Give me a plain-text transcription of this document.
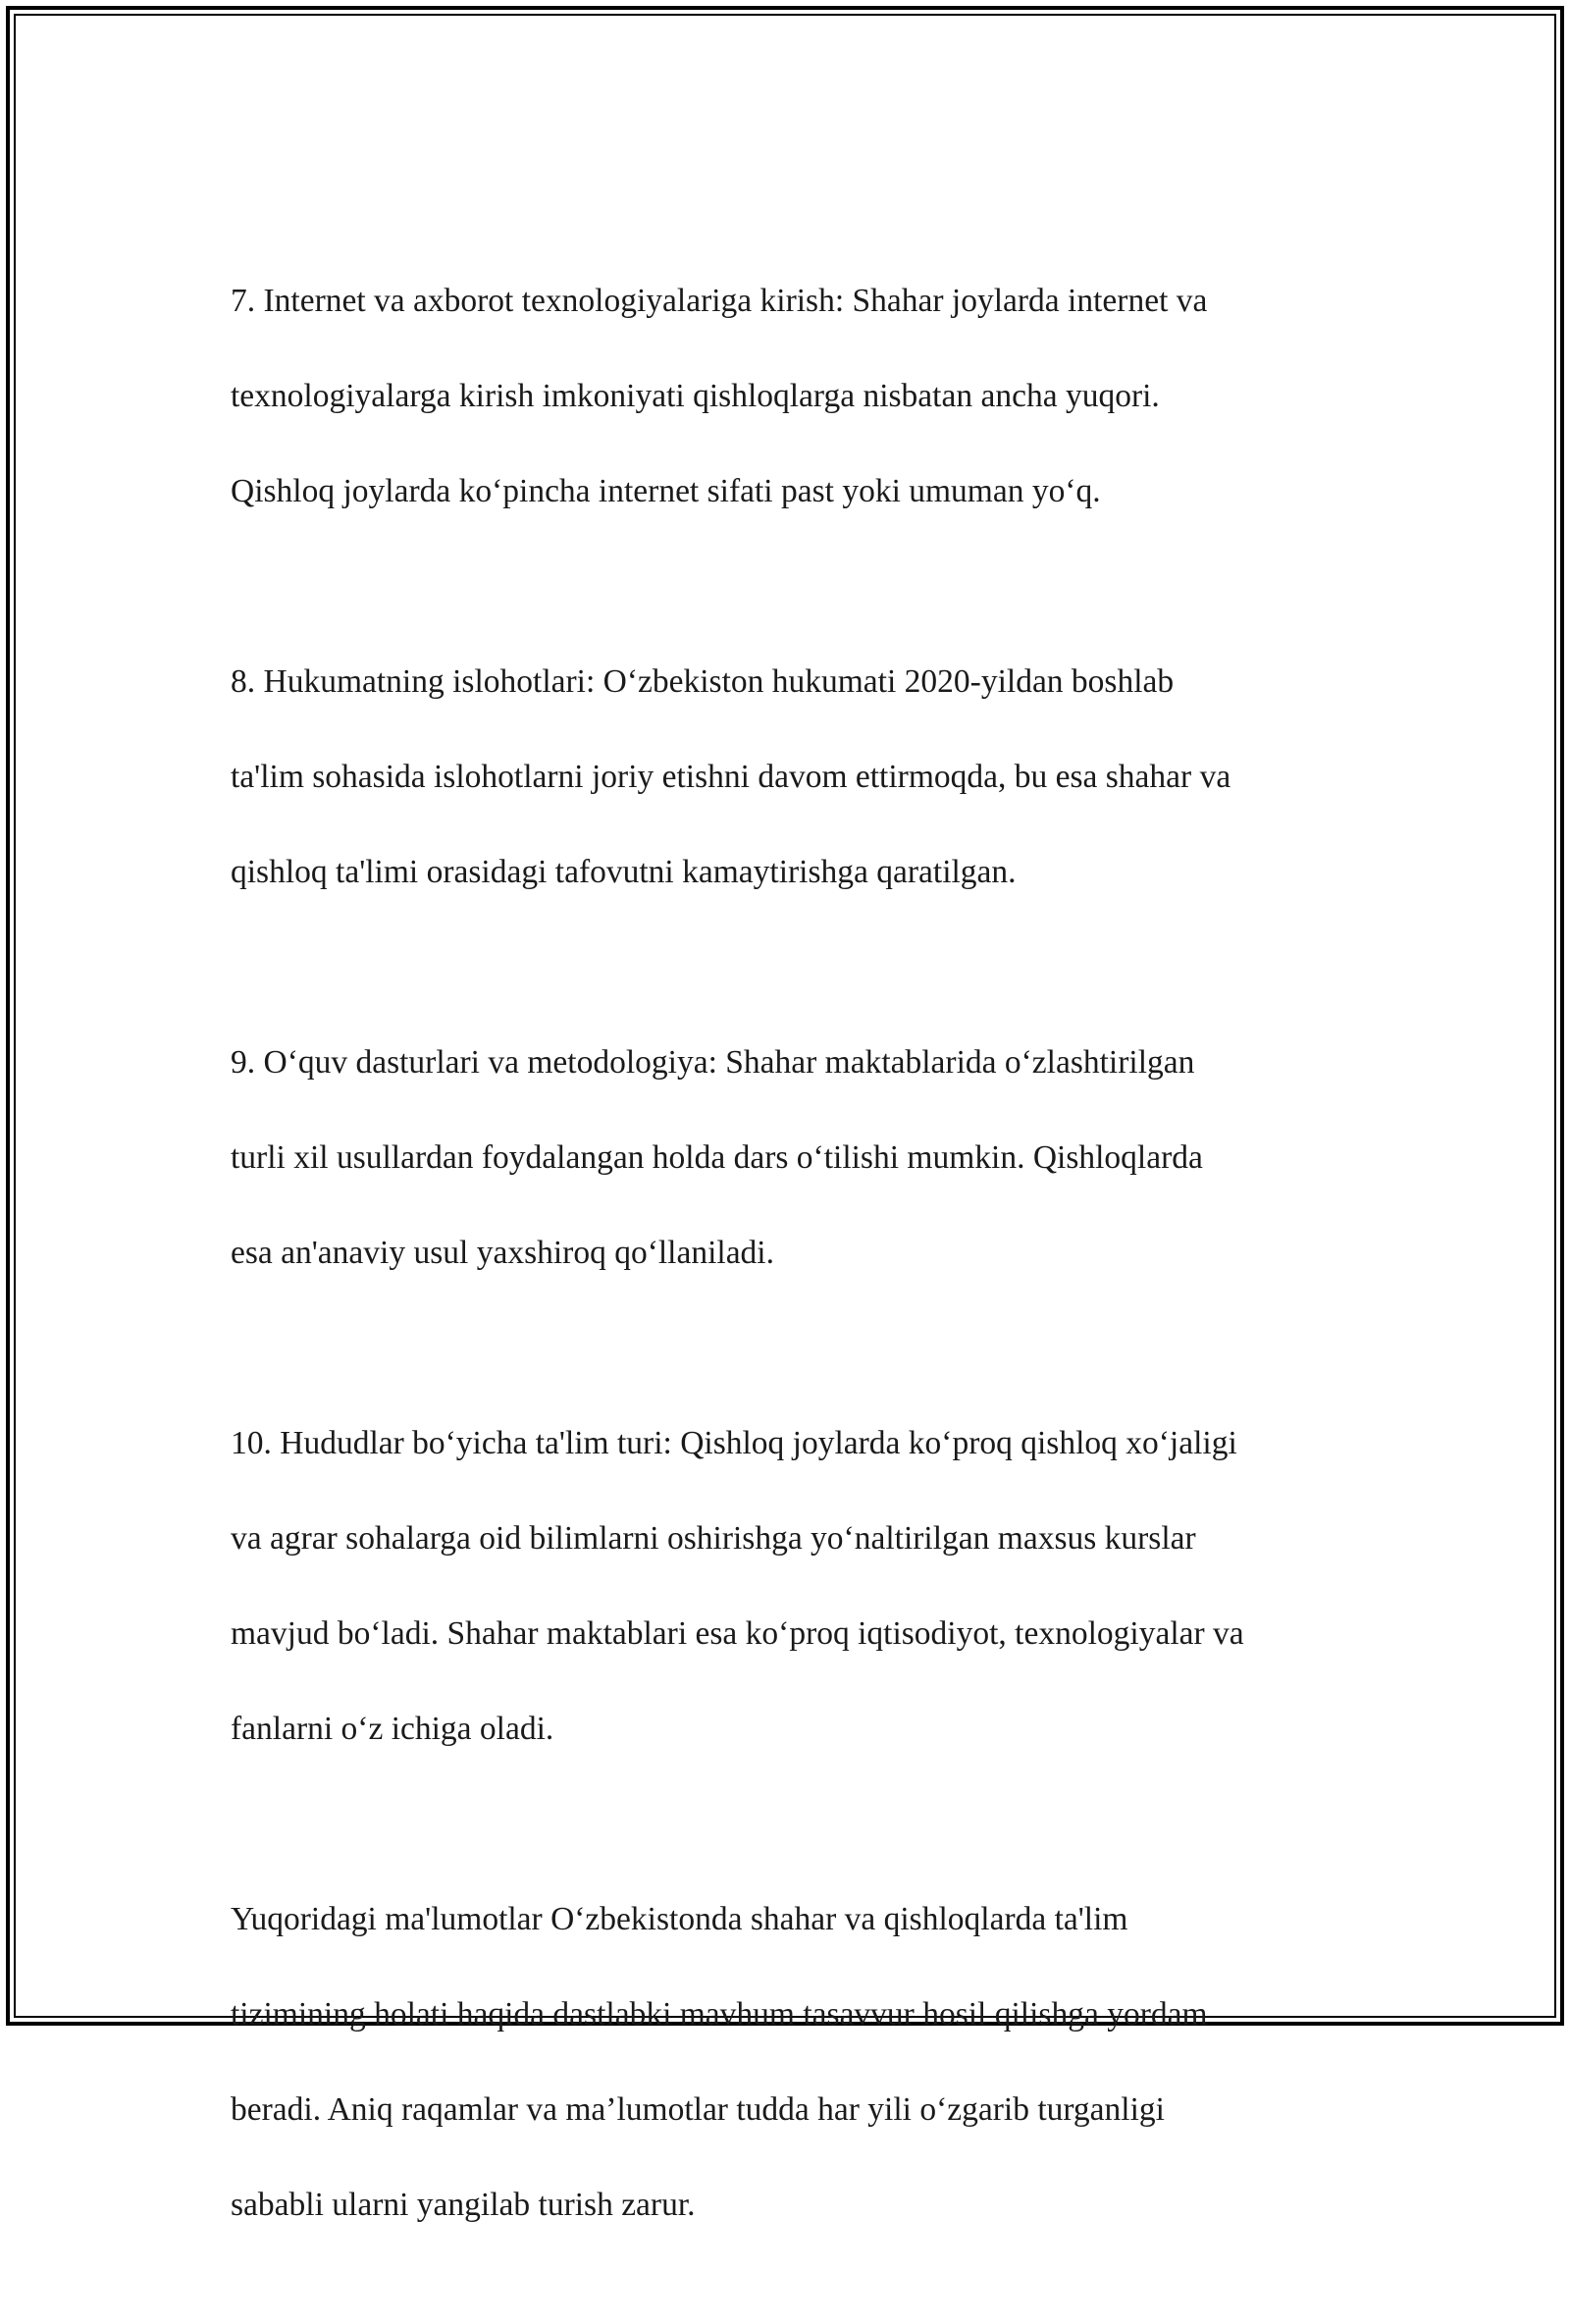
7. Internet va axborot texnologiyalariga kirish: Shahar joylarda internet va

texnologiyalarga kirish imkoniyati qishloqlarga nisbatan ancha yuqori.

Qishloq joylarda ko‘pincha internet sifati past yoki umuman yo‘q.

8. Hukumatning islohotlari: O‘zbekiston hukumati 2020-yildan boshlab

ta'lim sohasida islohotlarni joriy etishni davom ettirmoqda, bu esa shahar va

qishloq ta'limi orasidagi tafovutni kamaytirishga qaratilgan.

9. O‘quv dasturlari va metodologiya: Shahar maktablarida o‘zlashtirilgan

turli xil usullardan foydalangan holda dars o‘tilishi mumkin. Qishloqlarda

esa an'anaviy usul yaxshiroq qo‘llaniladi.

10. Hududlar bo‘yicha ta'lim turi: Qishloq joylarda ko‘proq qishloq xo‘jaligi

va agrar sohalarga oid bilimlarni oshirishga yo‘naltirilgan maxsus kurslar

mavjud bo‘ladi. Shahar maktablari esa ko‘proq iqtisodiyot, texnologiyalar va

fanlarni o‘z ichiga oladi.

Yuqoridagi ma'lumotlar O‘zbekistonda shahar va qishloqlarda ta'lim

tizimining holati haqida dastlabki mavhum tasavvur hosil qilishga yordam

beradi. Aniq raqamlar va ma’lumotlar tudda har yili o‘zgarib turganligi

sababli ularni yangilab turish zarur.
